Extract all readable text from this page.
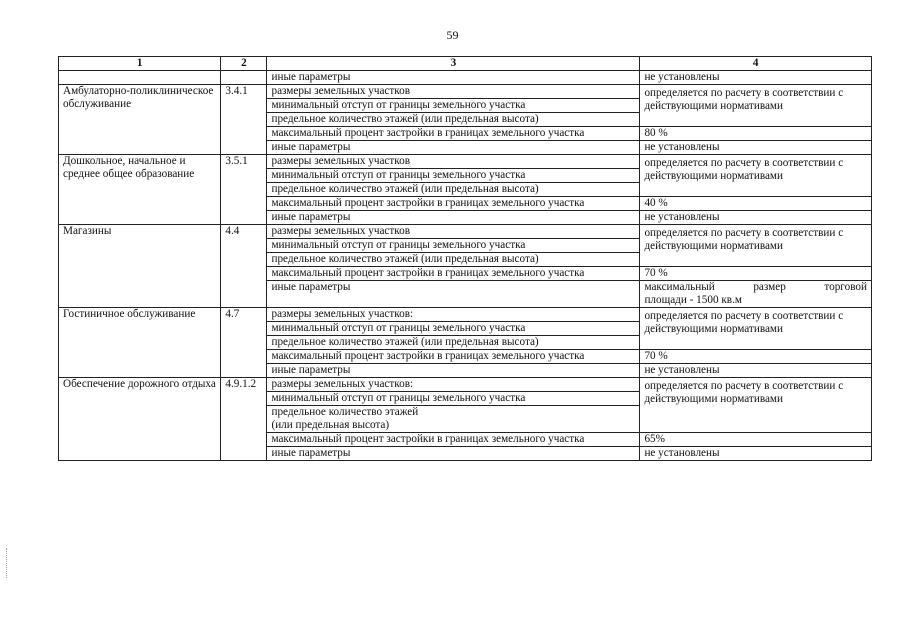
59
1	2	3	4
		иные параметры	не установлены
Амбулаторно-поликлиническое обслуживание	3.4.1	размеры земельных участков	определяется по расчету в соответствии с действующими нормативами
		минимальный отступ от границы земельного участка	
		предельное количество этажей (или предельная высота)	
		максимальный процент застройки в границах земельного участка	80 %
		иные параметры	не установлены
Дошкольное, начальное и среднее общее образование	3.5.1	размеры земельных участков	определяется по расчету в соответствии с действующими нормативами
		минимальный отступ от границы земельного участка	
		предельное количество этажей (или предельная высота)	
		максимальный процент застройки в границах земельного участка	40 %
		иные параметры	не установлены
Магазины	4.4	размеры земельных участков	определяется по расчету в соответствии с действующими нормативами
		минимальный отступ от границы земельного участка	
		предельное количество этажей (или предельная высота)	
		максимальный процент застройки в границах земельного участка	70 %
		иные параметры	максимальный размер торговой
площади - 1500 кв.м

Гостиничное обслуживание	4.7	размеры земельных участков:	определяется по расчету в соответствии с действующими нормативами
		минимальный отступ от границы земельного участка	
		предельное количество этажей (или предельная высота)	
		максимальный процент застройки в границах земельного участка	70 %
		иные параметры	не установлены
Обеспечение дорожного отдыха	4.9.1.2	размеры земельных участков:	определяется по расчету в соответствии с действующими нормативами
		минимальный отступ от границы земельного участка	

		предельное количество этажей
(или предельная высота)	

		максимальный процент застройки в границах земельного участка	65%
		иные параметры	не установлены
